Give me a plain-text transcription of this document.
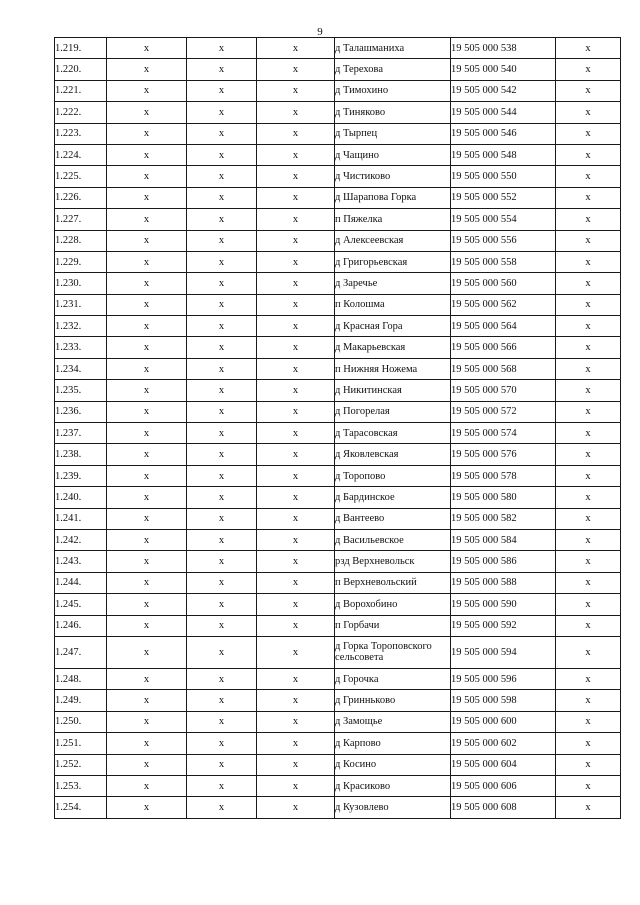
9
1.219.	x	x	x	д Талашманиха	19 505 000 538	x
1.220.	x	x	x	д Терехова	19 505 000 540	x
1.221.	x	x	x	д Тимохино	19 505 000 542	x
1.222.	x	x	x	д Тиняково	19 505 000 544	x
1.223.	x	x	x	д Тырпец	19 505 000 546	x
1.224.	x	x	x	д Чащино	19 505 000 548	x
1.225.	x	x	x	д Чистиково	19 505 000 550	x
1.226.	x	x	x	д Шарапова Горка	19 505 000 552	x
1.227.	x	x	x	п Пяжелка	19 505 000 554	x
1.228.	x	x	x	д Алексеевская	19 505 000 556	x
1.229.	x	x	x	д Григорьевская	19 505 000 558	x
1.230.	x	x	x	д Заречье	19 505 000 560	x
1.231.	x	x	x	п Колошма	19 505 000 562	x
1.232.	x	x	x	д Красная Гора	19 505 000 564	x
1.233.	x	x	x	д Макарьевская	19 505 000 566	x
1.234.	x	x	x	п Нижняя Ножема	19 505 000 568	x
1.235.	x	x	x	д Никитинская	19 505 000 570	x
1.236.	x	x	x	д Погорелая	19 505 000 572	x
1.237.	x	x	x	д Тарасовская	19 505 000 574	x
1.238.	x	x	x	д Яковлевская	19 505 000 576	x
1.239.	x	x	x	д Торопово	19 505 000 578	x
1.240.	x	x	x	д Бардинское	19 505 000 580	x
1.241.	x	x	x	д Вантеево	19 505 000 582	x
1.242.	x	x	x	д Васильевское	19 505 000 584	x
1.243.	x	x	x	рзд Верхневольск	19 505 000 586	x
1.244.	x	x	x	п Верхневольский	19 505 000 588	x
1.245.	x	x	x	д Ворохобино	19 505 000 590	x
1.246.	x	x	x	п Горбачи	19 505 000 592	x
1.247.	x	x	x	д Горка Тороповского сельсовета	19 505 000 594	x
1.248.	x	x	x	д Горочка	19 505 000 596	x
1.249.	x	x	x	д Гринньково	19 505 000 598	x
1.250.	x	x	x	д Замощье	19 505 000 600	x
1.251.	x	x	x	д Карпово	19 505 000 602	x
1.252.	x	x	x	д Косино	19 505 000 604	x
1.253.	x	x	x	д Красиково	19 505 000 606	x
1.254.	x	x	x	д Кузовлево	19 505 000 608	x
